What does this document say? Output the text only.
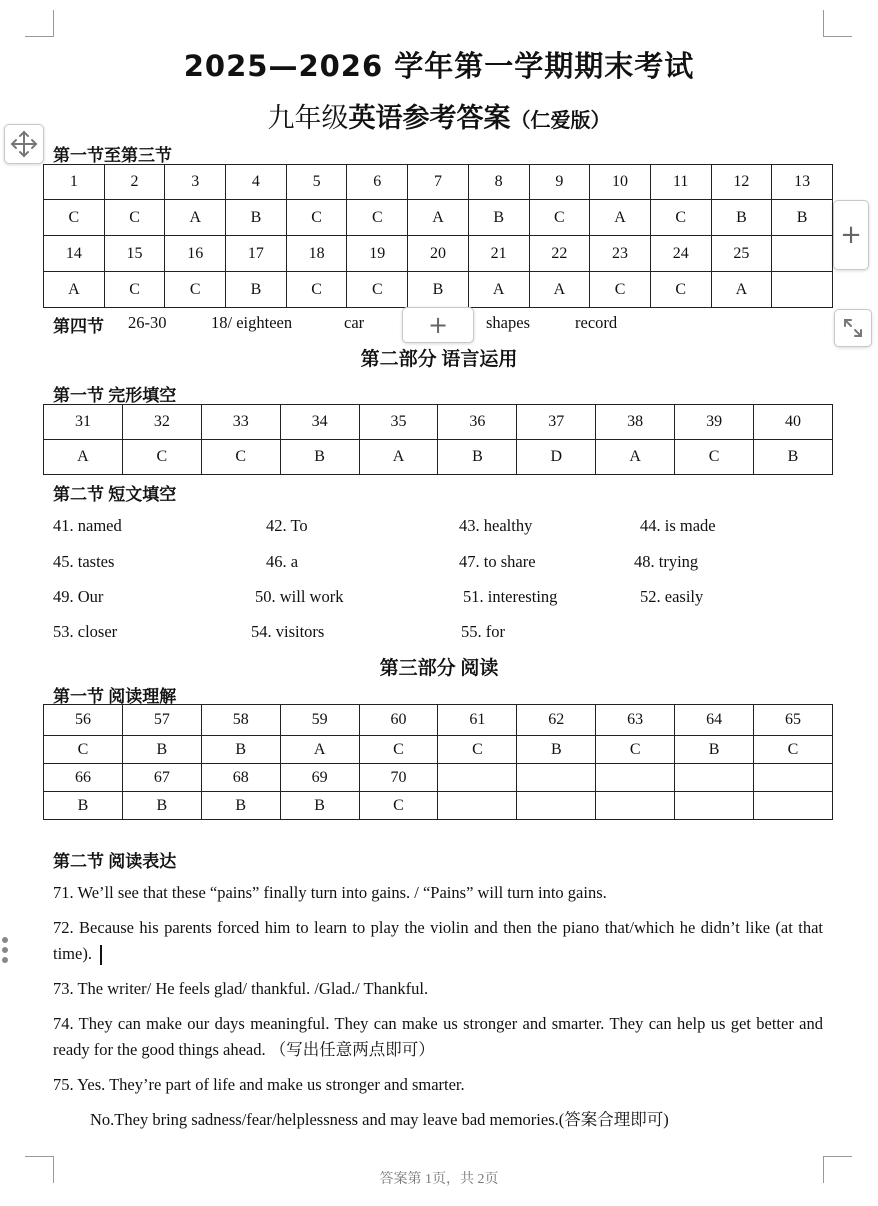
2025—2026 学年第一学期期末考试
九年级英语参考答案（仁爱版）
第一节至第三节
1	2	3	4	5	6	7	8	9	10	11	12	13
C	C	A	B	C	C	A	B	C	A	C	B	B
14	15	16	17	18	19	20	21	22	23	24	25	
A	C	C	B	C	C	B	A	A	C	C	A	
+
第四节 26-30	18/ eighteen	car	shapes	record
+
第二部分 语言运用
第一节 完形填空
31	32	33	34	35	36	37	38	39	40
A	C	C	B	A	B	D	A	C	B
第二节 短文填空
41. named	42. To	43. healthy	44. is made
45. tastes	46. a	47. to share	48. trying
49. Our	50. will work	51. interesting	52. easily
53. closer	54. visitors	55. for
第三部分 阅读
第一节 阅读理解
56	57	58	59	60	61	62	63	64	65
C	B	B	A	C	C	B	C	B	C
66	67	68	69	70					
B	B	B	B	C					
第二节 阅读表达
71. We’ll see that these “pains” finally turn into gains. / “Pains” will turn into gains.
72. Because his parents forced him to learn to play the violin and then the piano that/which he didn’t like (at that time).
73. The writer/ He feels glad/ thankful. /Glad./ Thankful.
74. They can make our days meaningful. They can make us stronger and smarter. They can help us get better and ready for the good things ahead. （写出任意两点即可）
75. Yes. They’re part of life and make us stronger and smarter.
No.They bring sadness/fear/helplessness and may leave bad memories.(答案合理即可)
答案第 1页，共 2页
